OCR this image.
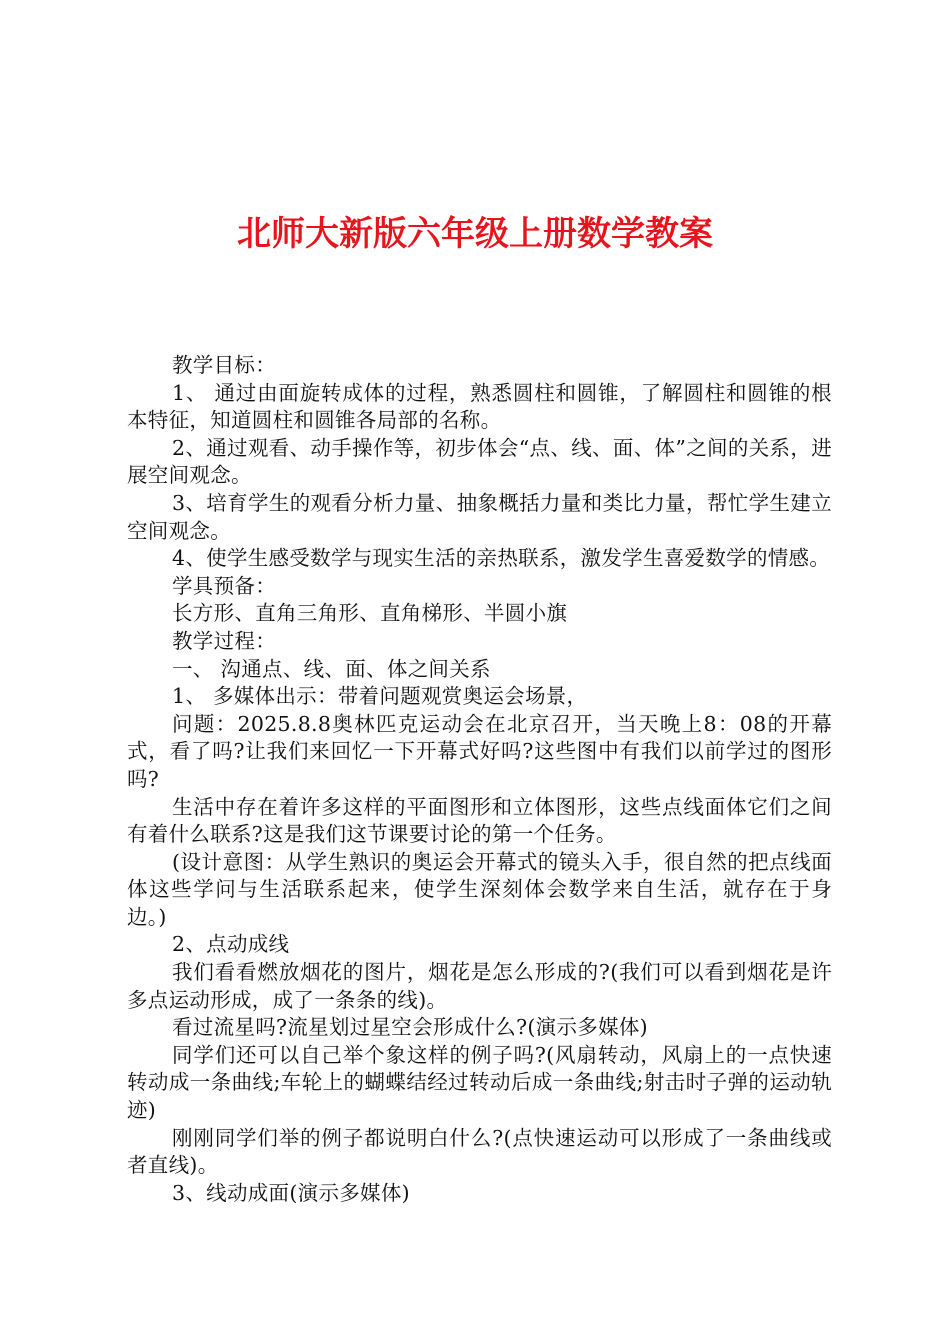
北师大新版六年级上册数学教案

教学目标：

1、 通过由面旋转成体的过程，熟悉圆柱和圆锥，了解圆柱和圆锥的根本特征，知道圆柱和圆锥各局部的名称。

2、通过观看、动手操作等，初步体会“点、线、面、体”之间的关系，进展空间观念。

3、培育学生的观看分析力量、抽象概括力量和类比力量，帮忙学生建立空间观念。

4、使学生感受数学与现实生活的亲热联系，激发学生喜爱数学的情感。

学具预备：

长方形、直角三角形、直角梯形、半圆小旗

教学过程：

一、 沟通点、线、面、体之间关系

1、 多媒体出示：带着问题观赏奥运会场景，

问题：2025.8.8奥林匹克运动会在北京召开，当天晚上8：08的开幕式，看了吗?让我们来回忆一下开幕式好吗?这些图中有我们以前学过的图形吗?

生活中存在着许多这样的平面图形和立体图形，这些点线面体它们之间有着什么联系?这是我们这节课要讨论的第一个任务。

(设计意图：从学生熟识的奥运会开幕式的镜头入手，很自然的把点线面体这些学问与生活联系起来，使学生深刻体会数学来自生活，就存在于身边。)

2、点动成线

我们看看燃放烟花的图片，烟花是怎么形成的?(我们可以看到烟花是许多点运动形成，成了一条条的线)。

看过流星吗?流星划过星空会形成什么?(演示多媒体)

同学们还可以自己举个象这样的例子吗?(风扇转动，风扇上的一点快速转动成一条曲线;车轮上的蝴蝶结经过转动后成一条曲线;射击时子弹的运动轨迹)

刚刚同学们举的例子都说明白什么?(点快速运动可以形成了一条曲线或者直线)。

3、线动成面(演示多媒体)
